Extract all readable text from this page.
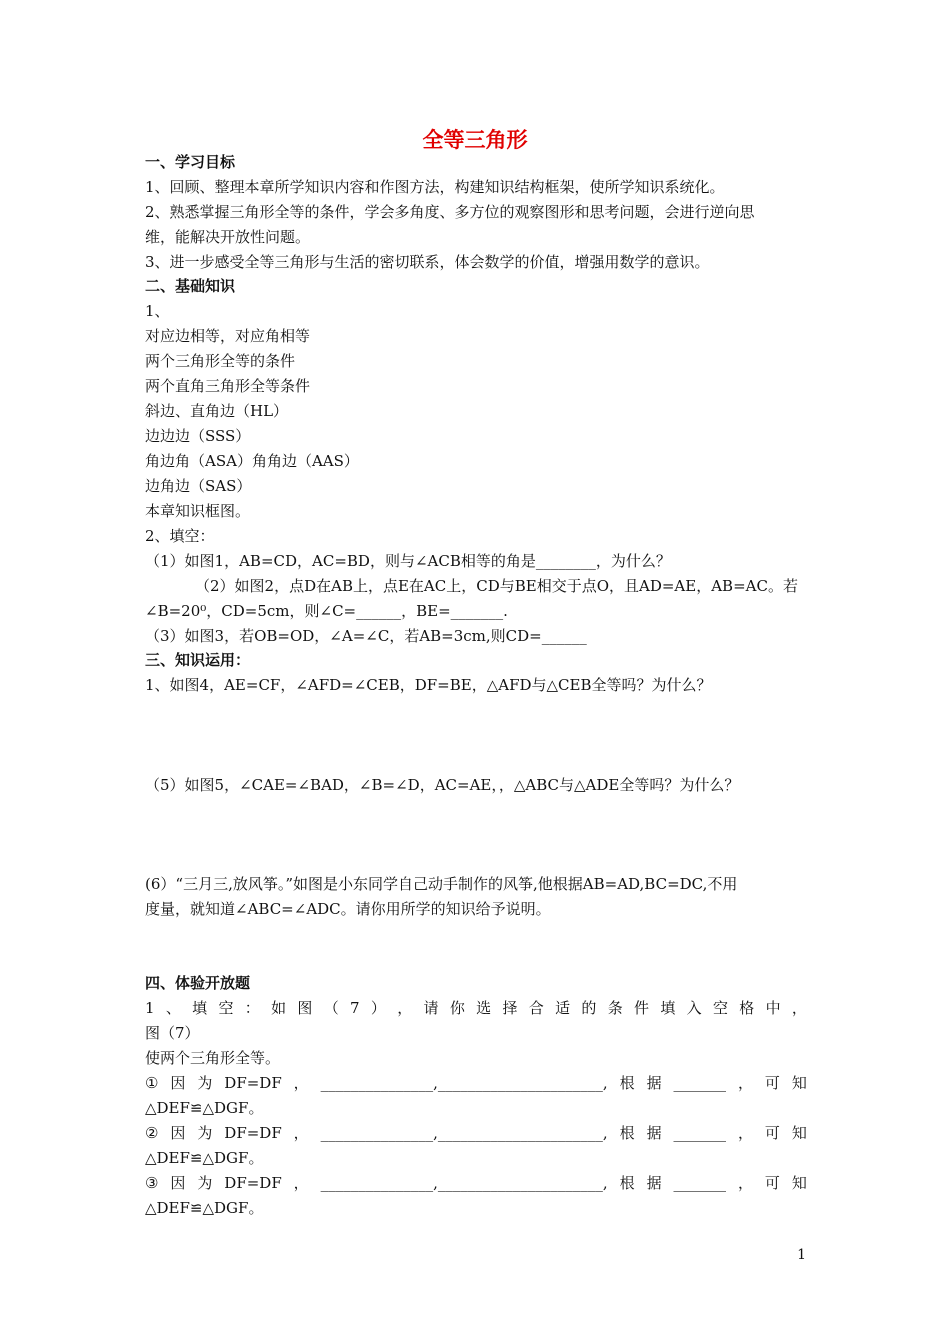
全等三角形
一、学习目标
1、回顾、整理本章所学知识内容和作图方法，构建知识结构框架，使所学知识系统化。
2、熟悉掌握三角形全等的条件，学会多角度、多方位的观察图形和思考问题，会进行逆向思
维，能解决开放性问题。
3、进一步感受全等三角形与生活的密切联系，体会数学的价值，增强用数学的意识。
二、基础知识
1、
对应边相等，对应角相等
两个三角形全等的条件
两个直角三角形全等条件
斜边、直角边（HL）
边边边（SSS）
角边角（ASA）角角边（AAS）
边角边（SAS）
本章知识框图。
2、填空：
（1）如图1，AB=CD，AC=BD，则与∠ACB相等的角是________，为什么？
（2）如图2，点D在AB上，点E在AC上，CD与BE相交于点O，且AD=AE，AB=AC。若
∠B=20⁰，CD=5cm，则∠C=______，BE=_______.
（3）如图3，若OB=OD，∠A=∠C，若AB=3cm,则CD=______
三、知识运用：
1、如图4，AE=CF，∠AFD=∠CEB，DF=BE，△AFD与△CEB全等吗？为什么？
（5）如图5，∠CAE=∠BAD，∠B=∠D，AC=AE，，△ABC与△ADE全等吗？为什么？
(6）“三月三,放风筝。”如图是小东同学自己动手制作的风筝,他根据AB=AD,BC=DC,不用
度量，就知道∠ABC=∠ADC。请你用所学的知识给予说明。
四、体验开放题
1 、 填 空 ： 如 图 （ 7 ） ， 请 你 选 择 合 适 的 条 件 填 入 空 格 中 ，
图（7）
使两个三角形全等。
① 因 为 DF=DF ， _______________,______________________, 根 据 _______ ， 可 知
△DEF≌△DGF。
② 因 为 DF=DF ， _______________,______________________, 根 据 _______ ， 可 知
△DEF≌△DGF。
③ 因 为 DF=DF ， _______________,______________________, 根 据 _______ ， 可 知
△DEF≌△DGF。
1
